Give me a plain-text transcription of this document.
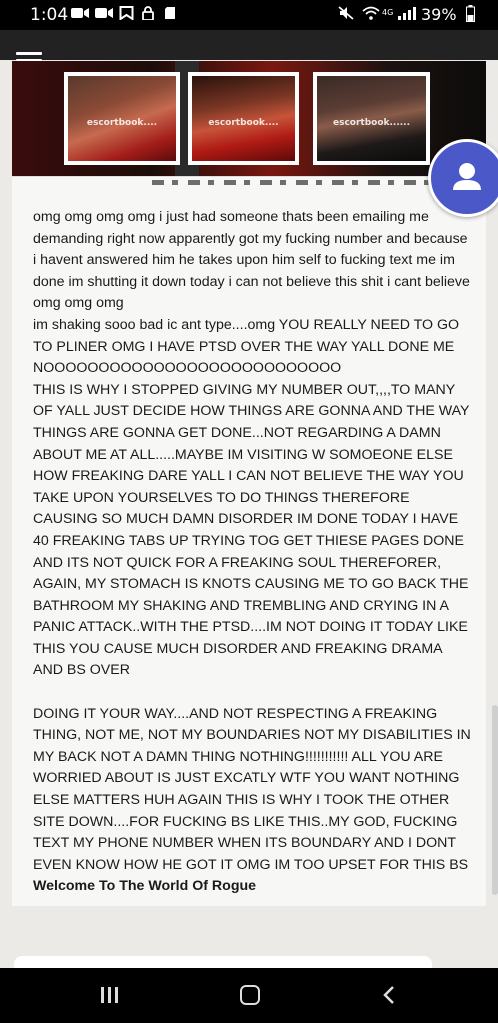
1:04	4G 39%
escortbook....	escortbook....	escortbook......

omg omg omg omg i just had someone thats been emailing me demanding right now apparently got my fucking number and because i havent answered him he takes upon him self to fucking text me im done im shutting it down today i can not believe this shit i cant believe omg omg omg

im shaking sooo bad ic ant type....omg YOU REALLY NEED TO GO TO PLINER OMG I HAVE PTSD OVER THE WAY YALL DONE ME NOOOOOOOOOOOOOOOOOOOOOOOOOOO

THIS IS WHY I STOPPED GIVING MY NUMBER OUT,,,,TO MANY OF YALL JUST DECIDE HOW THINGS ARE GONNA AND THE WAY THINGS ARE GONNA GET DONE...NOT REGARDING A DAMN ABOUT ME AT ALL.....MAYBE IM VISITING W SOMOEONE ELSE HOW FREAKING DARE YALL I CAN NOT BELIEVE THE WAY YOU TAKE UPON YOURSELVES TO DO THINGS THEREFORE CAUSING SO MUCH DAMN DISORDER IM DONE TODAY I HAVE 40 FREAKING TABS UP TRYING TOG GET THIESE PAGES DONE AND ITS NOT QUICK FOR A FREAKING SOUL THEREFORER, AGAIN, MY STOMACH IS KNOTS CAUSING ME TO GO BACK THE BATHROOM MY SHAKING AND TREMBLING AND CRYING IN A PANIC ATTACK..WITH THE PTSD....IM NOT DOING IT TODAY LIKE THIS YOU CAUSE MUCH DISORDER AND FREAKING DRAMA AND BS OVER

DOING IT YOUR WAY....AND NOT RESPECTING A FREAKING THING, NOT ME, NOT MY BOUNDARIES NOT MY DISABILITIES IN MY BACK NOT A DAMN THING NOTHING!!!!!!!!!!! ALL YOU ARE WORRIED ABOUT IS JUST EXCATLY WTF YOU WANT NOTHING ELSE MATTERS HUH AGAIN THIS IS WHY I TOOK THE OTHER SITE DOWN....FOR FUCKING BS LIKE THIS..MY GOD, FUCKING TEXT MY PHONE NUMBER WHEN ITS BOUNDARY AND I DONT EVEN KNOW HOW HE GOT IT OMG IM TOO UPSET FOR THIS BS

Welcome To The World Of Rogue
